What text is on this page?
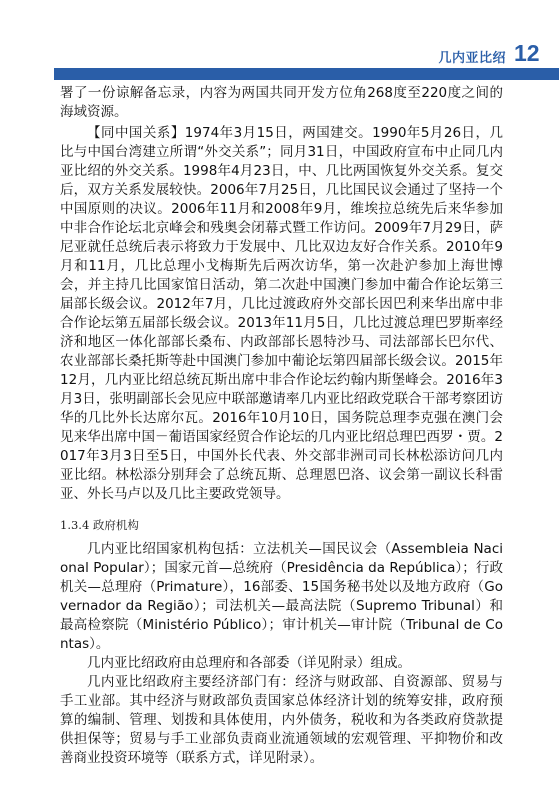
几内亚比绍 12

署了一份谅解备忘录，内容为两国共同开发方位角268度至220度之间的海域资源。

【同中国关系】1974年3月15日，两国建交。1990年5月26日，几比与中国台湾建立所谓“外交关系”；同月31日，中国政府宣布中止同几内亚比绍的外交关系。1998年4月23日，中、几比两国恢复外交关系。复交后，双方关系发展较快。2006年7月25日，几比国民议会通过了坚持一个中国原则的决议。2006年11月和2008年9月，维埃拉总统先后来华参加中非合作论坛北京峰会和残奥会闭幕式暨工作访问。2009年7月29日，萨尼亚就任总统后表示将致力于发展中、几比双边友好合作关系。2010年9月和11月，几比总理小戈梅斯先后两次访华，第一次赴沪参加上海世博会，并主持几比国家馆日活动，第二次赴中国澳门参加中葡合作论坛第三届部长级会议。2012年7月，几比过渡政府外交部长因巴利来华出席中非合作论坛第五届部长级会议。2013年11月5日，几比过渡总理巴罗斯率经济和地区一体化部部长桑布、内政部部长恩特沙马、司法部部长巴尔代、农业部部长桑托斯等赴中国澳门参加中葡论坛第四届部长级会议。2015年12月，几内亚比绍总统瓦斯出席中非合作论坛约翰内斯堡峰会。2016年3月3日，张明副部长会见应中联部邀请率几内亚比绍政党联合干部考察团访华的几比外长达席尔瓦。2016年10月10日，国务院总理李克强在澳门会见来华出席中国－葡语国家经贸合作论坛的几内亚比绍总理巴西罗・贾。2017年3月3日至5日，中国外长代表、外交部非洲司司长林松添访问几内亚比绍。林松添分别拜会了总统瓦斯、总理恩巴洛、议会第一副议长科雷亚、外长马卢以及几比主要政党领导。

1.3.4 政府机构

几内亚比绍国家机构包括：立法机关—国民议会（Assembleia Nacional Popular）；国家元首—总统府（Presidência da República）；行政机关—总理府（Primature），16部委、15国务秘书处以及地方政府（Governador da Região）；司法机关—最高法院（Supremo Tribunal）和最高检察院（Ministério Público）；审计机关—审计院（Tribunal de Contas）。

几内亚比绍政府由总理府和各部委（详见附录）组成。

几内亚比绍政府主要经济部门有：经济与财政部、自资源部、贸易与手工业部。其中经济与财政部负责国家总体经济计划的统筹安排，政府预算的编制、管理、划拨和具体使用，内外债务，税收和为各类政府贷款提供担保等；贸易与手工业部负责商业流通领域的宏观管理、平抑物价和改善商业投资环境等（联系方式，详见附录）。
